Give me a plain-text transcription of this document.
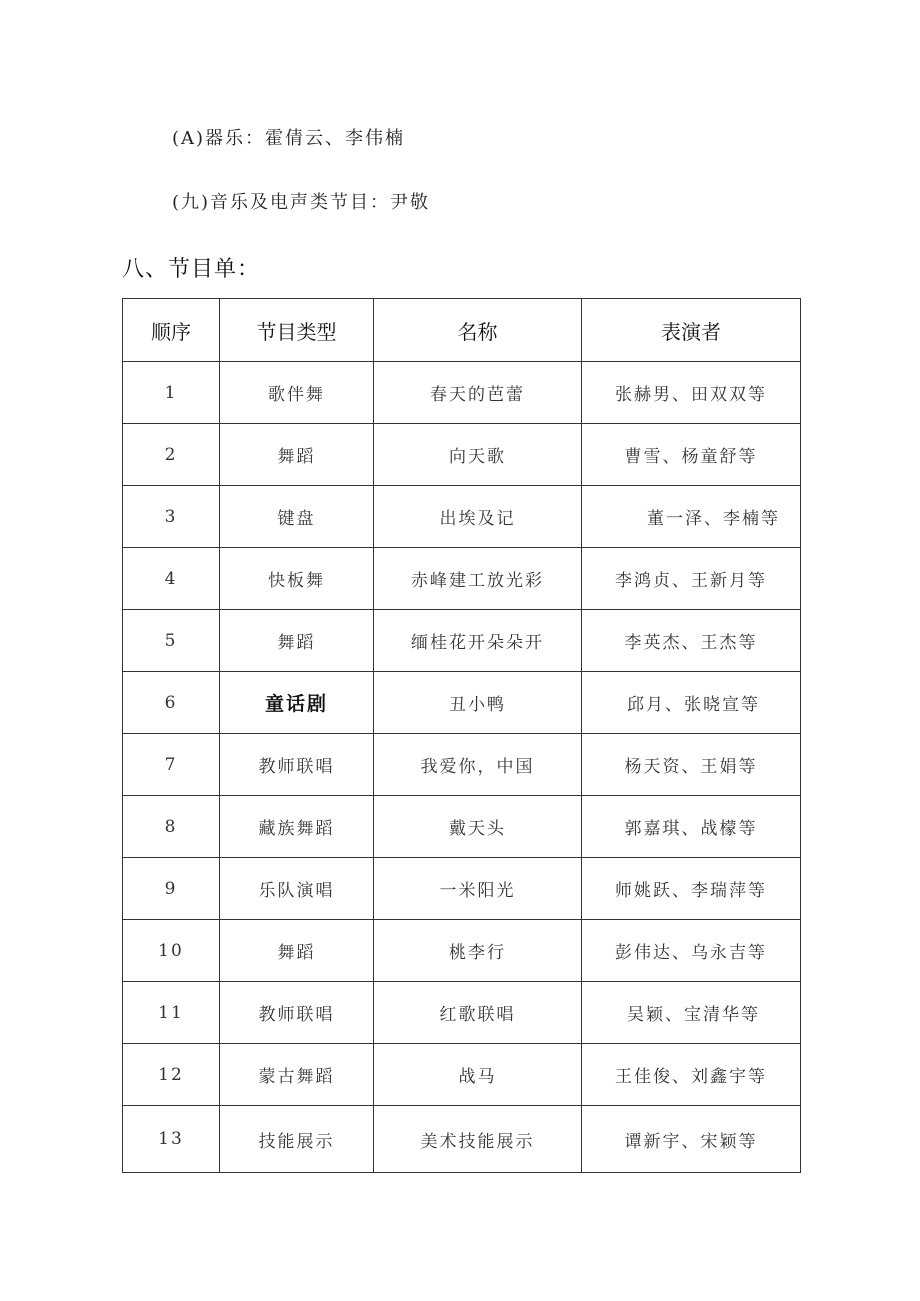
(A)器乐：霍倩云、李伟楠
(九)音乐及电声类节目：尹敬
八、节目单：
顺序	节目类型	名称	表演者
1	歌伴舞	春天的芭蕾	张赫男、田双双等
2	舞蹈	向天歌	曹雪、杨童舒等
3	键盘	出埃及记	董一泽、李楠等
4	快板舞	赤峰建工放光彩	李鸿贞、王新月等
5	舞蹈	缅桂花开朵朵开	李英杰、王杰等
6	童话剧	丑小鸭	邱月、张晓宣等
7	教师联唱	我爱你，中国	杨天资、王娟等
8	藏族舞蹈	戴天头	郭嘉琪、战檬等
9	乐队演唱	一米阳光	师姚跃、李瑞萍等
10	舞蹈	桃李行	彭伟达、乌永吉等
11	教师联唱	红歌联唱	吴颖、宝清华等
12	蒙古舞蹈	战马	王佳俊、刘鑫宇等
13	技能展示	美术技能展示	谭新宇、宋颖等
